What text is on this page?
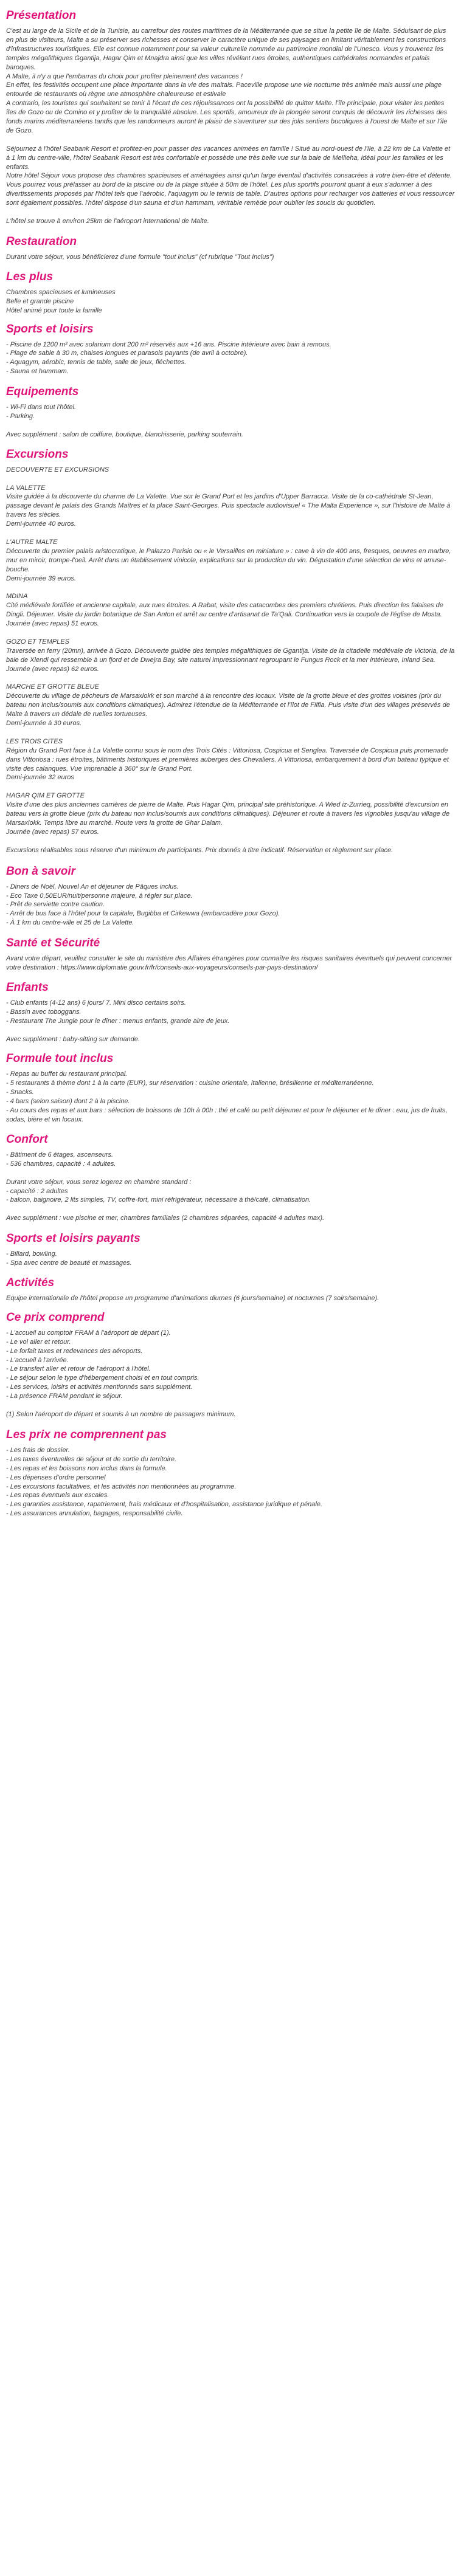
Présentation
C'est au large de la Sicile et de la Tunisie, au carrefour des routes maritimes de la Méditerranée que se situe la petite île de Malte. Séduisant de plus en plus de visiteurs, Malte a su préserver ses richesses et conserver le caractère unique de ses paysages en limitant véritablement les constructions d'infrastructures touristiques. Elle est connue notamment pour sa valeur culturelle nommée au patrimoine mondial de l'Unesco. Vous y trouverez les temples mégalithiques Ggantija, Hagar Qim et Mnajdra ainsi que les villes révélant rues étroites, authentiques cathédrales normandes et palais baroques.
A Malte, il n'y a que l'embarras du choix pour profiter pleinement des vacances !
En effet, les festivités occupent une place importante dans la vie des maltais. Paceville propose une vie nocturne très animée mais aussi une plage entourée de restaurants où règne une atmosphère chaleureuse et estivale
A contrario, les touristes qui souhaitent se tenir à l'écart de ces réjouissances ont la possibilité de quitter Malte. l'île principale, pour visiter les petites îles de Gozo ou de Comino et y profiter de la tranquillité absolue. Les sportifs, amoureux de la plongée seront conquis de découvrir les richesses des fonds marins méditerranéens tandis que les randonneurs auront le plaisir de s'aventurer sur des jolis sentiers bucoliques à l'ouest de Malte et sur l'île de Gozo.
Séjournez à l'hôtel Seabank Resort et profitez-en pour passer des vacances animées en famille ! Situé au nord-ouest de l'île, à 22 km de La Valette et à 1 km du centre-ville, l'hôtel Seabank Resort est très confortable et possède une très belle vue sur la baie de Mellieha, idéal pour les familles et les enfants.
Notre hôtel Séjour vous propose des chambres spacieuses et aménagées ainsi qu'un large éventail d'activités consacrées à votre bien-être et détente. Vous pourrez vous prélasser au bord de la piscine ou de la plage située à 50m de l'hôtel. Les plus sportifs pourront quant à eux s'adonner à des divertissements proposés par l'hôtel tels que l'aérobic, l'aquagym ou le tennis de table. D'autres options pour recharger vos batteries et vous ressourcer sont également possibles. l'hôtel dispose d'un sauna et d'un hammam, véritable remède pour oublier les soucis du quotidien.
L'hôtel se trouve à environ 25km de l'aéroport international de Malte.
Restauration
Durant votre séjour, vous bénéficierez d'une formule "tout inclus" (cf rubrique "Tout Inclus")
Les plus
Chambres spacieuses et lumineuses
Belle et grande piscine
Hôtel animé pour toute la famille
Sports et loisirs
- Piscine de 1200 m² avec solarium dont 200 m² réservés aux +16 ans. Piscine intérieure avec bain à remous.
- Plage de sable à 30 m, chaises longues et parasols payants (de avril à octobre).
- Aquagym, aérobic, tennis de table, salle de jeux, fléchettes.
- Sauna et hammam.
Equipements
- Wi-Fi dans tout l'hôtel.
- Parking.
Avec supplément : salon de coiffure, boutique, blanchisserie, parking souterrain.
Excursions
DECOUVERTE ET EXCURSIONS
LA VALETTE
Visite guidée à la découverte du charme de La Valette. Vue sur le Grand Port et les jardins d'Upper Barracca. Visite de la co-cathédrale St-Jean, passage devant le palais des Grands Maîtres et la place Saint-Georges. Puis spectacle audiovisuel « The Malta Experience », sur l'histoire de Malte à travers les siècles.
Demi-journée 40 euros.
L'AUTRE MALTE
Découverte du premier palais aristocratique, le Palazzo Parisio ou « le Versailles en miniature » : cave à vin de 400 ans, fresques, oeuvres en marbre, mur en miroir, trompe-l'oeil. Arrêt dans un établissement vinicole, explications sur la production du vin. Dégustation d'une sélection de vins et amuse-bouche.
Demi-journée 39 euros.
MDINA
Cité médiévale fortifiée et ancienne capitale, aux rues étroites. A Rabat, visite des catacombes des premiers chrétiens. Puis direction les falaises de Dingli. Déjeuner. Visite du jardin botanique de San Anton et arrêt au centre d'artisanat de Ta'Qali. Continuation vers la coupole de l'église de Mosta.
Journée (avec repas) 51 euros.
GOZO ET TEMPLES
Traversée en ferry (20mn), arrivée à Gozo. Découverte guidée des temples mégalithiques de Ggantija. Visite de la citadelle médiévale de Victoria, de la baie de Xlendi qui ressemble à un fjord et de Dwejra Bay, site naturel impressionnant regroupant le Fungus Rock et la mer intérieure, Inland Sea.
Journée (avec repas) 62 euros.
MARCHE ET GROTTE BLEUE
Découverte du village de pêcheurs de Marsaxlokk et son marché à la rencontre des locaux. Visite de la grotte bleue et des grottes voisines (prix du bateau non inclus/soumis aux conditions climatiques). Admirez l'étendue de la Méditerranée et l'îlot de Filfla. Puis visite d'un des villages préservés de Malte à travers un dédale de ruelles tortueuses.
Demi-journée à 30 euros.
LES TROIS CITES
Région du Grand Port face à La Valette connu sous le nom des Trois Cités : Vittoriosa, Cospicua et Senglea. Traversée de Cospicua puis promenade dans Vittoriosa : rues étroites, bâtiments historiques et premières auberges des Chevaliers. A Vittoriosa, embarquement à bord d'un bateau typique et visite des calanques. Vue imprenable à 360° sur le Grand Port.
Demi-journée 32 euros
HAGAR QIM ET GROTTE
Visite d'une des plus anciennes carrières de pierre de Malte. Puis Hagar Qim, principal site préhistorique. A Wied iz-Zurrieq, possibilité d'excursion en bateau vers la grotte bleue (prix du bateau non inclus/soumis aux conditions climatiques). Déjeuner et route à travers les vignobles jusqu'au village de Marsaxlokk. Temps libre au marché. Route vers la grotte de Ghar Dalam.
Journée (avec repas) 57 euros.
Excursions réalisables sous réserve d'un minimum de participants. Prix donnés à titre indicatif. Réservation et règlement sur place.
Bon à savoir
- Diners de Noël, Nouvel An et déjeuner de Pâques inclus.
- Eco Taxe 0,50EUR/nuit/personne majeure, à régler sur place.
- Prêt de serviette contre caution.
- Arrêt de bus face à l'hôtel pour la capitale, Bugibba et Cirkewwa (embarcadère pour Gozo).
- À 1 km du centre-ville et 25 de La Valette.
Santé et Sécurité
Avant votre départ, veuillez consulter le site du ministère des Affaires étrangères pour connaître les risques sanitaires éventuels qui peuvent concerner votre destination : https://www.diplomatie.gouv.fr/fr/conseils-aux-voyageurs/conseils-par-pays-destination/
Enfants
- Club enfants (4-12 ans) 6 jours/ 7. Mini disco certains soirs.
- Bassin avec toboggans.
- Restaurant The Jungle pour le dîner : menus enfants, grande aire de jeux.
Avec supplément : baby-sitting sur demande.
Formule tout inclus
- Repas au buffet du restaurant principal.
- 5 restaurants à thème dont 1 à la carte (EUR), sur réservation : cuisine orientale, italienne, brésilienne et méditerranéenne.
- Snacks.
- 4 bars (selon saison) dont 2 à la piscine.
- Au cours des repas et aux bars : sélection de boissons de 10h à 00h : thé et café ou petit déjeuner et pour le déjeuner et le dîner : eau, jus de fruits, sodas, bière et vin locaux.
Confort
- Bâtiment de 6 étages, ascenseurs.
- 536 chambres, capacité : 4 adultes.
Durant votre séjour, vous serez logerez en chambre standard :
- capacité : 2 adultes
- balcon, baignoire, 2 lits simples, TV, coffre-fort, mini réfrigérateur, nécessaire à thé/café, climatisation.
Avec supplément : vue piscine et mer, chambres familiales (2 chambres séparées, capacité 4 adultes max).
Sports et loisirs payants
- Billard, bowling.
- Spa avec centre de beauté et massages.
Activités
Equipe internationale de l'hôtel propose un programme d'animations diurnes (6 jours/semaine) et nocturnes (7 soirs/semaine).
Ce prix comprend
- L'accueil au comptoir FRAM à l'aéroport de départ (1).
- Le vol aller et retour.
- Le forfait taxes et redevances des aéroports.
- L'accueil à l'arrivée.
- Le transfert aller et retour de l'aéroport à l'hôtel.
- Le séjour selon le type d'hébergement choisi et en tout compris.
- Les services, loisirs et activités mentionnés sans supplément.
- La présence FRAM pendant le séjour.
(1) Selon l'aéroport de départ et soumis à un nombre de passagers minimum.
Les prix ne comprennent pas
- Les frais de dossier.
- Les taxes éventuelles de séjour et de sortie du territoire.
- Les repas et les boissons non inclus dans la formule.
- Les dépenses d'ordre personnel
- Les excursions facultatives, et les activités non mentionnées au programme.
- Les repas éventuels aux escales.
- Les garanties assistance, rapatriement, frais médicaux et d'hospitalisation, assistance juridique et pénale.
- Les assurances annulation, bagages, responsabilité civile.
